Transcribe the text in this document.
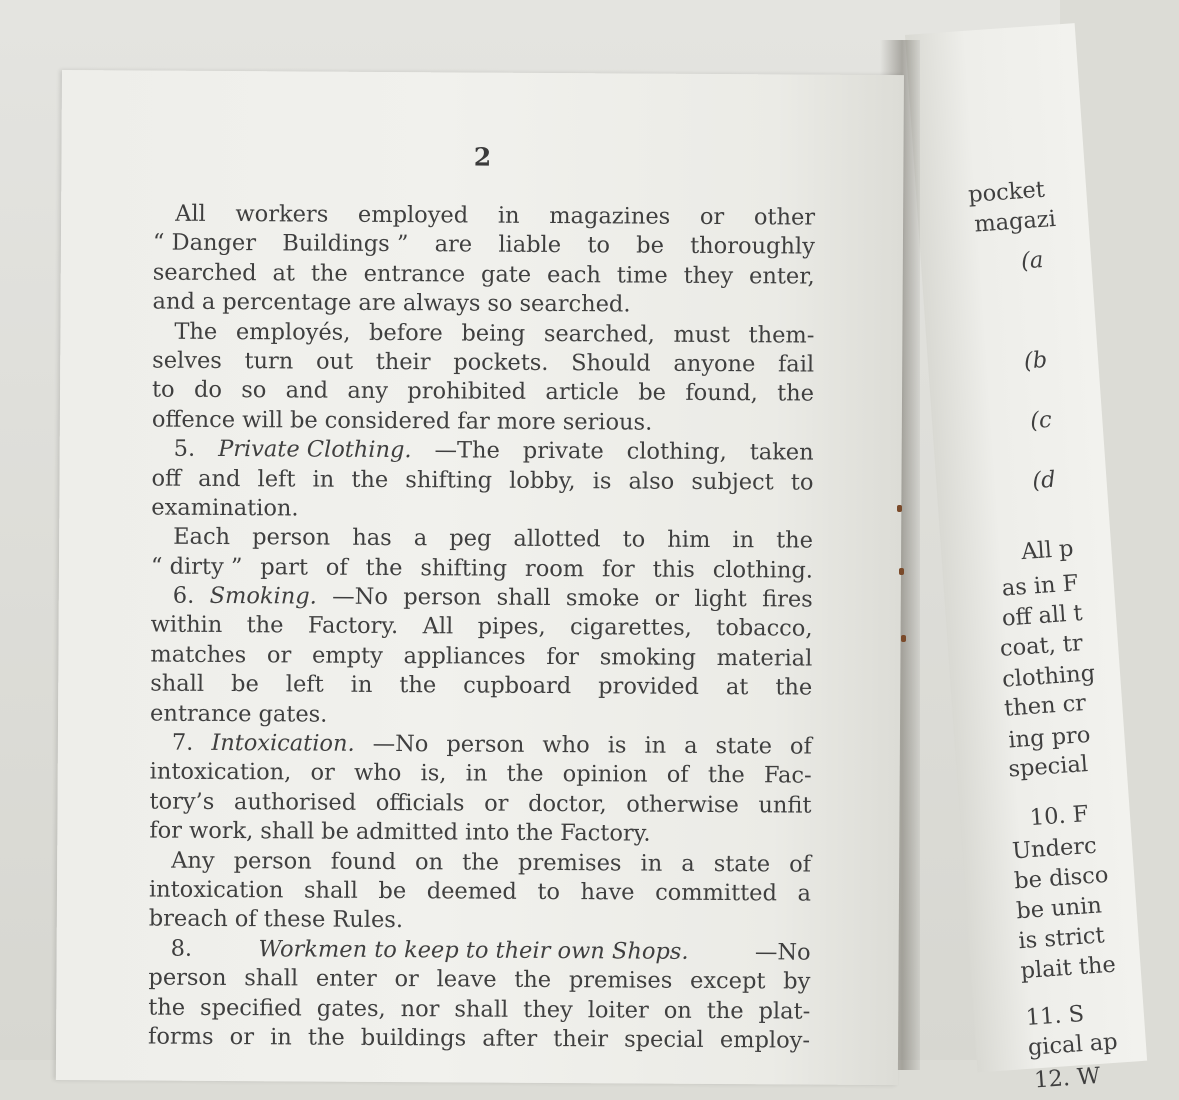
pocket
magazi
(a
(b
(c
(d
All p
as in F
off all t
coat, tr
clothing
then cr
ing pro
special
10. F
Underc
be disco
be unin
is strict
plait the
11. S
gical ap
12. W
2
All workers employed in magazines or other
“ Danger Buildings ” are liable to be thoroughly
searched at the entrance gate each time they enter,
and a percentage are always so searched.
The employés, before being searched, must them-
selves turn out their pockets. Should anyone fail
to do so and any prohibited article be found, the
offence will be considered far more serious.
5. Private Clothing. —The private clothing, taken
off and left in the shifting lobby, is also subject to
examination.
Each person has a peg allotted to him in the
“ dirty ” part of the shifting room for this clothing.
6. Smoking. —No person shall smoke or light fires
within the Factory. All pipes, cigarettes, tobacco,
matches or empty appliances for smoking material
shall be left in the cupboard provided at the
entrance gates.
7. Intoxication. —No person who is in a state of
intoxication, or who is, in the opinion of the Fac-
tory’s authorised officials or doctor, otherwise unfit
for work, shall be admitted into the Factory.
Any person found on the premises in a state of
intoxication shall be deemed to have committed a
breach of these Rules.
8.	Workmen to keep to their own Shops.	—No
person shall enter or leave the premises except by
the specified gates, nor shall they loiter on the plat-
forms or in the buildings after their special employ-
